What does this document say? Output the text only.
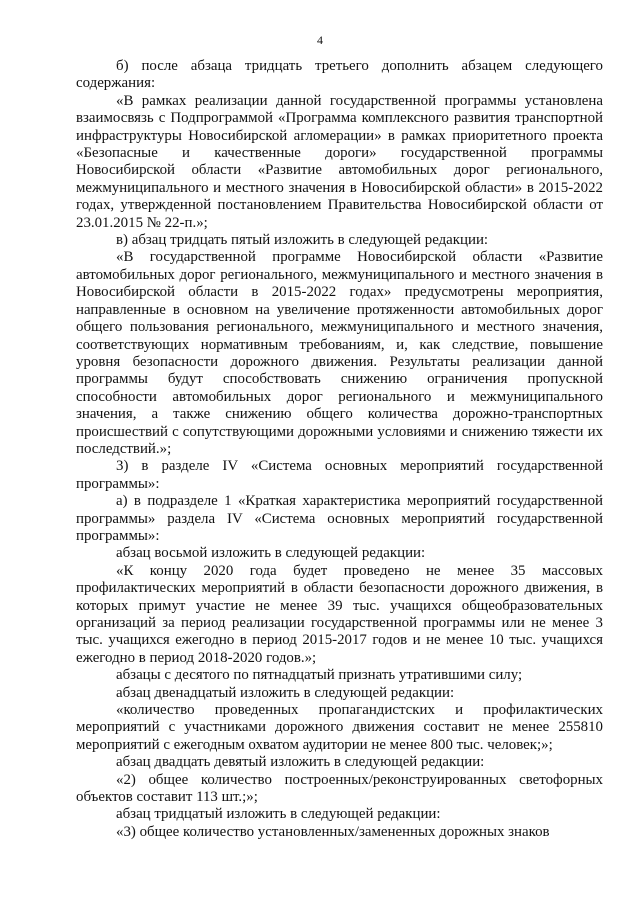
4

б) после абзаца тридцать третьего дополнить абзацем следующего содержания:

«В рамках реализации данной государственной программы установлена взаимосвязь с Подпрограммой «Программа комплексного развития транспортной инфраструктуры Новосибирской агломерации» в рамках приоритетного проекта «Безопасные и качественные дороги» государственной программы Новосибирской области «Развитие автомобильных дорог регионального, межмуниципального и местного значения в Новосибирской области» в 2015-2022 годах, утвержденной постановлением Правительства Новосибирской области от 23.01.2015 № 22-п.»;

в) абзац тридцать пятый изложить в следующей редакции:

«В государственной программе Новосибирской области «Развитие автомобильных дорог регионального, межмуниципального и местного значения в Новосибирской области в 2015-2022 годах» предусмотрены мероприятия, направленные в основном на увеличение протяженности автомобильных дорог общего пользования регионального, межмуниципального и местного значения, соответствующих нормативным требованиям, и, как следствие, повышение уровня безопасности дорожного движения. Результаты реализации данной программы будут способствовать снижению ограничения пропускной способности автомобильных дорог регионального и межмуниципального значения, а также снижению общего количества дорожно-транспортных происшествий с сопутствующими дорожными условиями и снижению тяжести их последствий.»;

3) в разделе IV «Система основных мероприятий государственной программы»:

а) в подразделе 1 «Краткая характеристика мероприятий государственной программы» раздела IV «Система основных мероприятий государственной программы»:

абзац восьмой изложить в следующей редакции:

«К концу 2020 года будет проведено не менее 35 массовых профилактических мероприятий в области безопасности дорожного движения, в которых примут участие не менее 39 тыс. учащихся общеобразовательных организаций за период реализации государственной программы или не менее 3 тыс. учащихся ежегодно в период 2015-2017 годов и не менее 10 тыс. учащихся ежегодно в период 2018-2020 годов.»;

абзацы с десятого по пятнадцатый признать утратившими силу;

абзац двенадцатый изложить в следующей редакции:

«количество проведенных пропагандистских и профилактических мероприятий с участниками дорожного движения составит не менее 255810 мероприятий с ежегодным охватом аудитории не менее 800 тыс. человек;»;

абзац двадцать девятый изложить в следующей редакции:

«2) общее количество построенных/реконструированных светофорных объектов составит 113 шт.;»;

абзац тридцатый изложить в следующей редакции:

«3) общее количество установленных/замененных дорожных знаков
